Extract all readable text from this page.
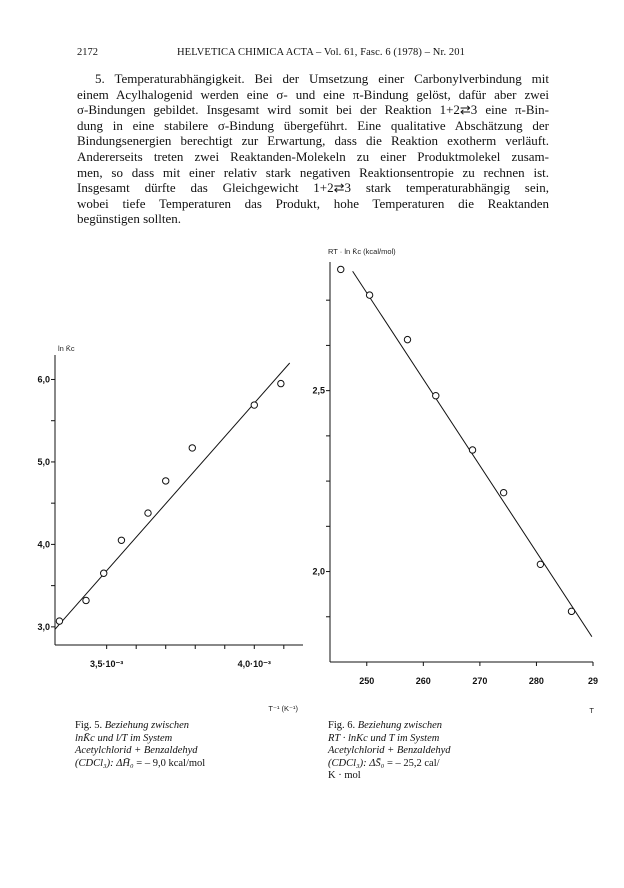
2172	HELVETICA CHIMICA ACTA – Vol. 61, Fasc. 6 (1978) – Nr. 201
5. Temperaturabhängigkeit. Bei der Umsetzung einer Carbonylverbindung mit
einem Acylhalogenid werden eine σ- und eine π-Bindung gelöst, dafür aber zwei
σ-Bindungen gebildet. Insgesamt wird somit bei der Reaktion 1+2⇄3 eine π-Bin-
dung in eine stabilere σ-Bindung übergeführt. Eine qualitative Abschätzung der
Bindungsenergien berechtigt zur Erwartung, dass die Reaktion exotherm verläuft.
Andererseits treten zwei Reaktanden-Molekeln zu einer Produktmolekel zusam-
men, so dass mit einer relativ stark negativen Reaktionsentropie zu rechnen ist.
Insgesamt dürfte das Gleichgewicht 1+2⇄3 stark temperaturabhängig sein,
wobei tiefe Temperaturen das Produkt, hohe Temperaturen die Reaktanden
begünstigen sollten.
3,0
4,0
5,0
6,0
3,5·10⁻³	4,0·10⁻³
ln K̄c
T⁻¹ (K⁻¹)
2,0
2,5
250	260	270	280	29
RT · ln K̄c (kcal/mol)
T
Fig. 5. Beziehung zwischen
lnK̄c und l/T im System
Acetylchlorid + Benzaldehyd
(CDCl₃): ΔH̄₀ = – 9,0 kcal/mol
Fig. 6. Beziehung zwischen
RT · lnKc und T im System
Acetylchlorid + Benzaldehyd
(CDCl₃): ΔS̄₀ = – 25,2 cal/
K · mol
